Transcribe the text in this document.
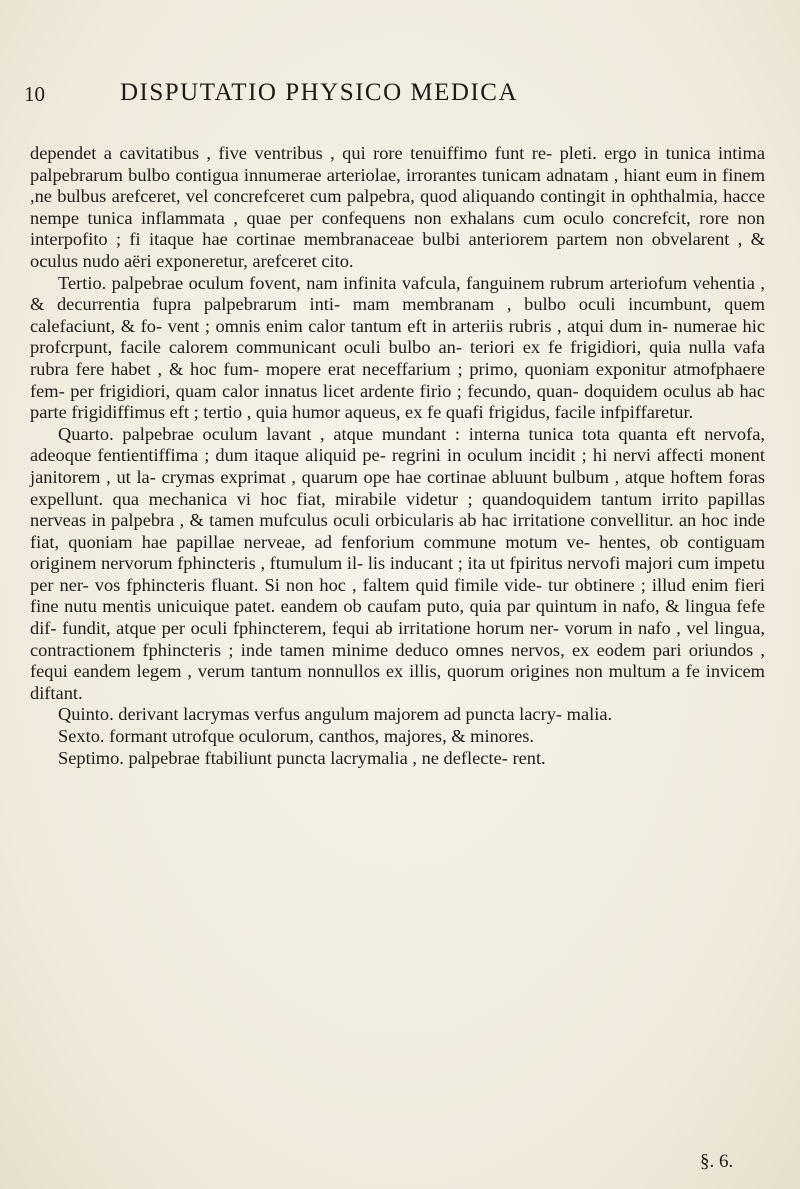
10	DISPUTATIO PHYSICO MEDICA

dependet a cavitatibus , five ventribus , qui rore tenuiffimo funt re- pleti. ergo in tunica intima palpebrarum bulbo contigua innumerae arteriolae, irrorantes tunicam adnatam , hiant eum in finem ,ne bulbus arefceret, vel concrefceret cum palpebra, quod aliquando contingit in ophthalmia, hacce nempe tunica inflammata , quae per confequens non exhalans cum oculo concrefcit, rore non interpofito ; fi itaque hae cortinae membranaceae bulbi anteriorem partem non obvelarent , & oculus nudo aëri exponeretur, arefceret cito.

Tertio. palpebrae oculum fovent, nam infinita vafcula, fanguinem rubrum arteriofum vehentia , & decurrentia fupra palpebrarum inti- mam membranam , bulbo oculi incumbunt, quem calefaciunt, & fo- vent ; omnis enim calor tantum eft in arteriis rubris , atqui dum in- numerae hic profcrpunt, facile calorem communicant oculi bulbo an- teriori ex fe frigidiori, quia nulla vafa rubra fere habet , & hoc fum- mopere erat neceffarium ; primo, quoniam exponitur atmofphaere fem- per frigidiori, quam calor innatus licet ardente firio ; fecundo, quan- doquidem oculus ab hac parte frigidiffimus eft ; tertio , quia humor aqueus, ex fe quafi frigidus, facile infpiffaretur.

Quarto. palpebrae oculum lavant , atque mundant : interna tunica tota quanta eft nervofa, adeoque fentientiffima ; dum itaque aliquid pe- regrini in oculum incidit ; hi nervi affecti monent janitorem , ut la- crymas exprimat , quarum ope hae cortinae abluunt bulbum , atque hoftem foras expellunt. qua mechanica vi hoc fiat, mirabile videtur ; quandoquidem tantum irrito papillas nerveas in palpebra , & tamen mufculus oculi orbicularis ab hac irritatione convellitur. an hoc inde fiat, quoniam hae papillae nerveae, ad fenforium commune motum ve- hentes, ob contiguam originem nervorum fphincteris , ftumulum il- lis inducant ; ita ut fpiritus nervofi majori cum impetu per ner- vos fphincteris fluant. Si non hoc , faltem quid fimile vide- tur obtinere ; illud enim fieri fine nutu mentis unicuique patet. eandem ob caufam puto, quia par quintum in nafo, & lingua fefe dif- fundit, atque per oculi fphincterem, fequi ab irritatione horum ner- vorum in nafo , vel lingua, contractionem fphincteris ; inde tamen minime deduco omnes nervos, ex eodem pari oriundos , fequi eandem legem , verum tantum nonnullos ex illis, quorum origines non multum a fe invicem diftant.

Quinto. derivant lacrymas verfus angulum majorem ad puncta lacry- malia.

Sexto. formant utrofque oculorum, canthos, majores, & minores.

Septimo. palpebrae ftabiliunt puncta lacrymalia , ne deflecte- rent.

§. 6.
